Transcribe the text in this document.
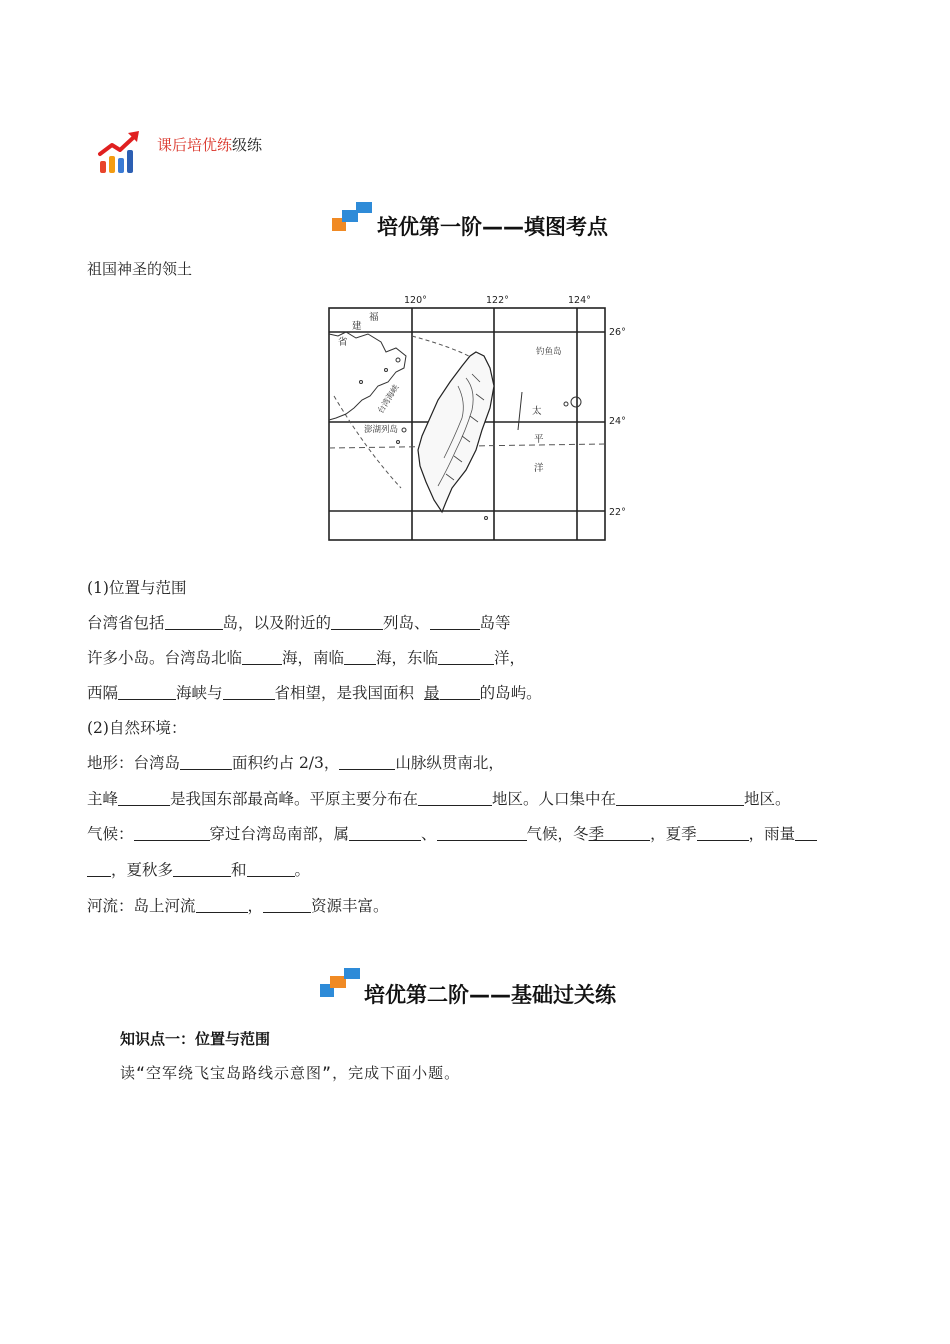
课后培优练级练
培优第一阶——填图考点
祖国神圣的领土
120°	122°	124°
26°
24°
22°
福
建
省
台湾海峡
澎湖列岛
钓鱼岛
太
平
洋
(1)位置与范围
台湾省包括	岛，以及附近的	列岛、	岛等
许多小岛。台湾岛北临	海，南临 海，东临	洋，
西隔	海峡与	省相望，是我国面积 最	的岛屿。
(2)自然环境：
地形：台湾岛	面积约占 2/3，	山脉纵贯南北，
主峰	是我国东部最高峰。平原主要分布在	地区。人口集中在	地区。
气候：	穿过台湾岛南部，属	、	气候，冬季	，夏季	，雨量
，夏秋多	和	。
河流：岛上河流	，	资源丰富。
培优第二阶——基础过关练
知识点一：位置与范围
读“空军绕飞宝岛路线示意图”，完成下面小题。
